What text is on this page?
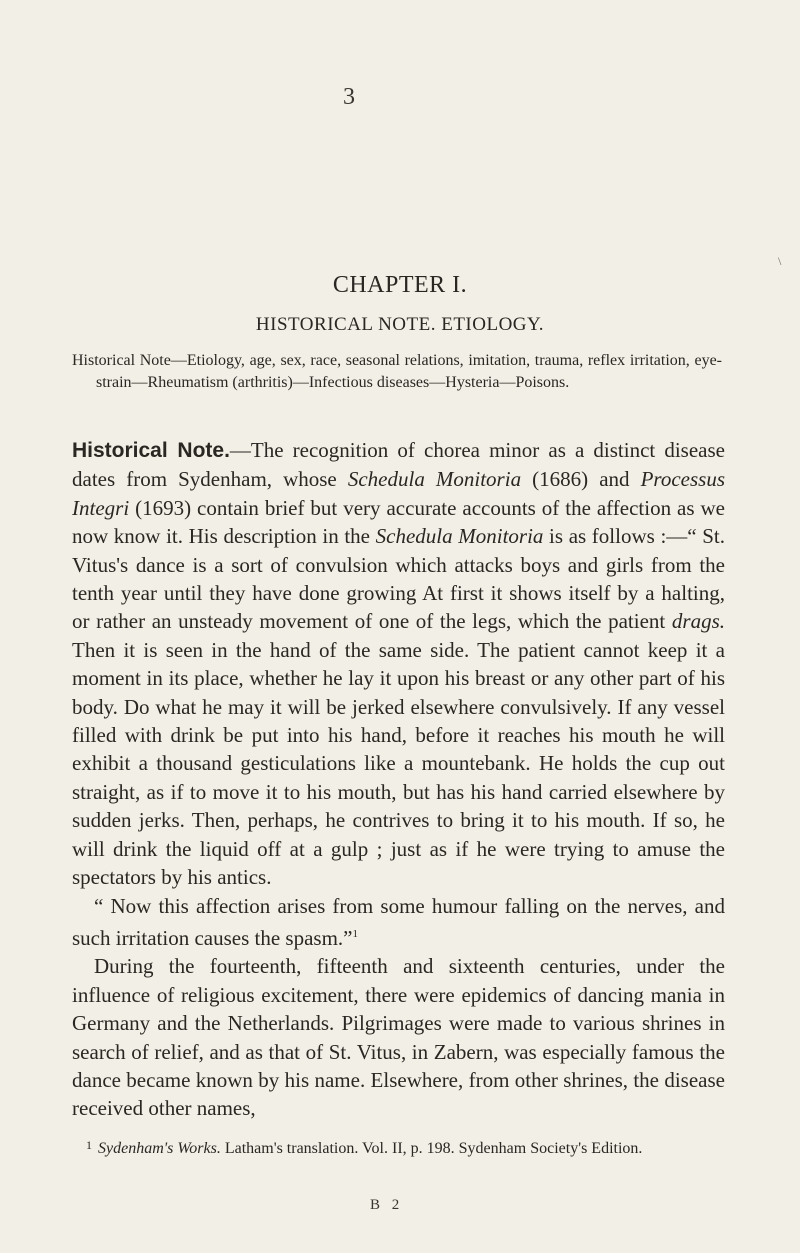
3
\
CHAPTER I.
HISTORICAL NOTE. ETIOLOGY.
Historical Note—Etiology, age, sex, race, seasonal relations, imitation, trauma, reflex irritation, eye-strain—Rheumatism (arthritis)—Infectious diseases—Hysteria—Poisons.

Historical Note.—The recognition of chorea minor as a distinct disease dates from Sydenham, whose Schedula Monitoria (1686) and Processus Integri (1693) contain brief but very accurate accounts of the affection as we now know it. His description in the Schedula Monitoria is as follows :—“ St. Vitus's dance is a sort of convulsion which attacks boys and girls from the tenth year until they have done growing At first it shows itself by a halting, or rather an unsteady movement of one of the legs, which the patient drags. Then it is seen in the hand of the same side. The patient cannot keep it a moment in its place, whether he lay it upon his breast or any other part of his body. Do what he may it will be jerked elsewhere convulsively. If any vessel filled with drink be put into his hand, before it reaches his mouth he will exhibit a thousand gesticulations like a mountebank. He holds the cup out straight, as if to move it to his mouth, but has his hand carried elsewhere by sudden jerks. Then, perhaps, he contrives to bring it to his mouth. If so, he will drink the liquid off at a gulp ; just as if he were trying to amuse the spectators by his antics.

“ Now this affection arises from some humour falling on the nerves, and such irritation causes the spasm.”$^1$

During the fourteenth, fifteenth and sixteenth centuries, under the influence of religious excitement, there were epidemics of dancing mania in Germany and the Netherlands. Pilgrimages were made to various shrines in search of relief, and as that of St. Vitus, in Zabern, was especially famous the dance became known by his name. Elsewhere, from other shrines, the disease received other names,

1 Sydenham's Works. Latham's translation. Vol. II, p. 198. Sydenham Society's Edition.
B 2
